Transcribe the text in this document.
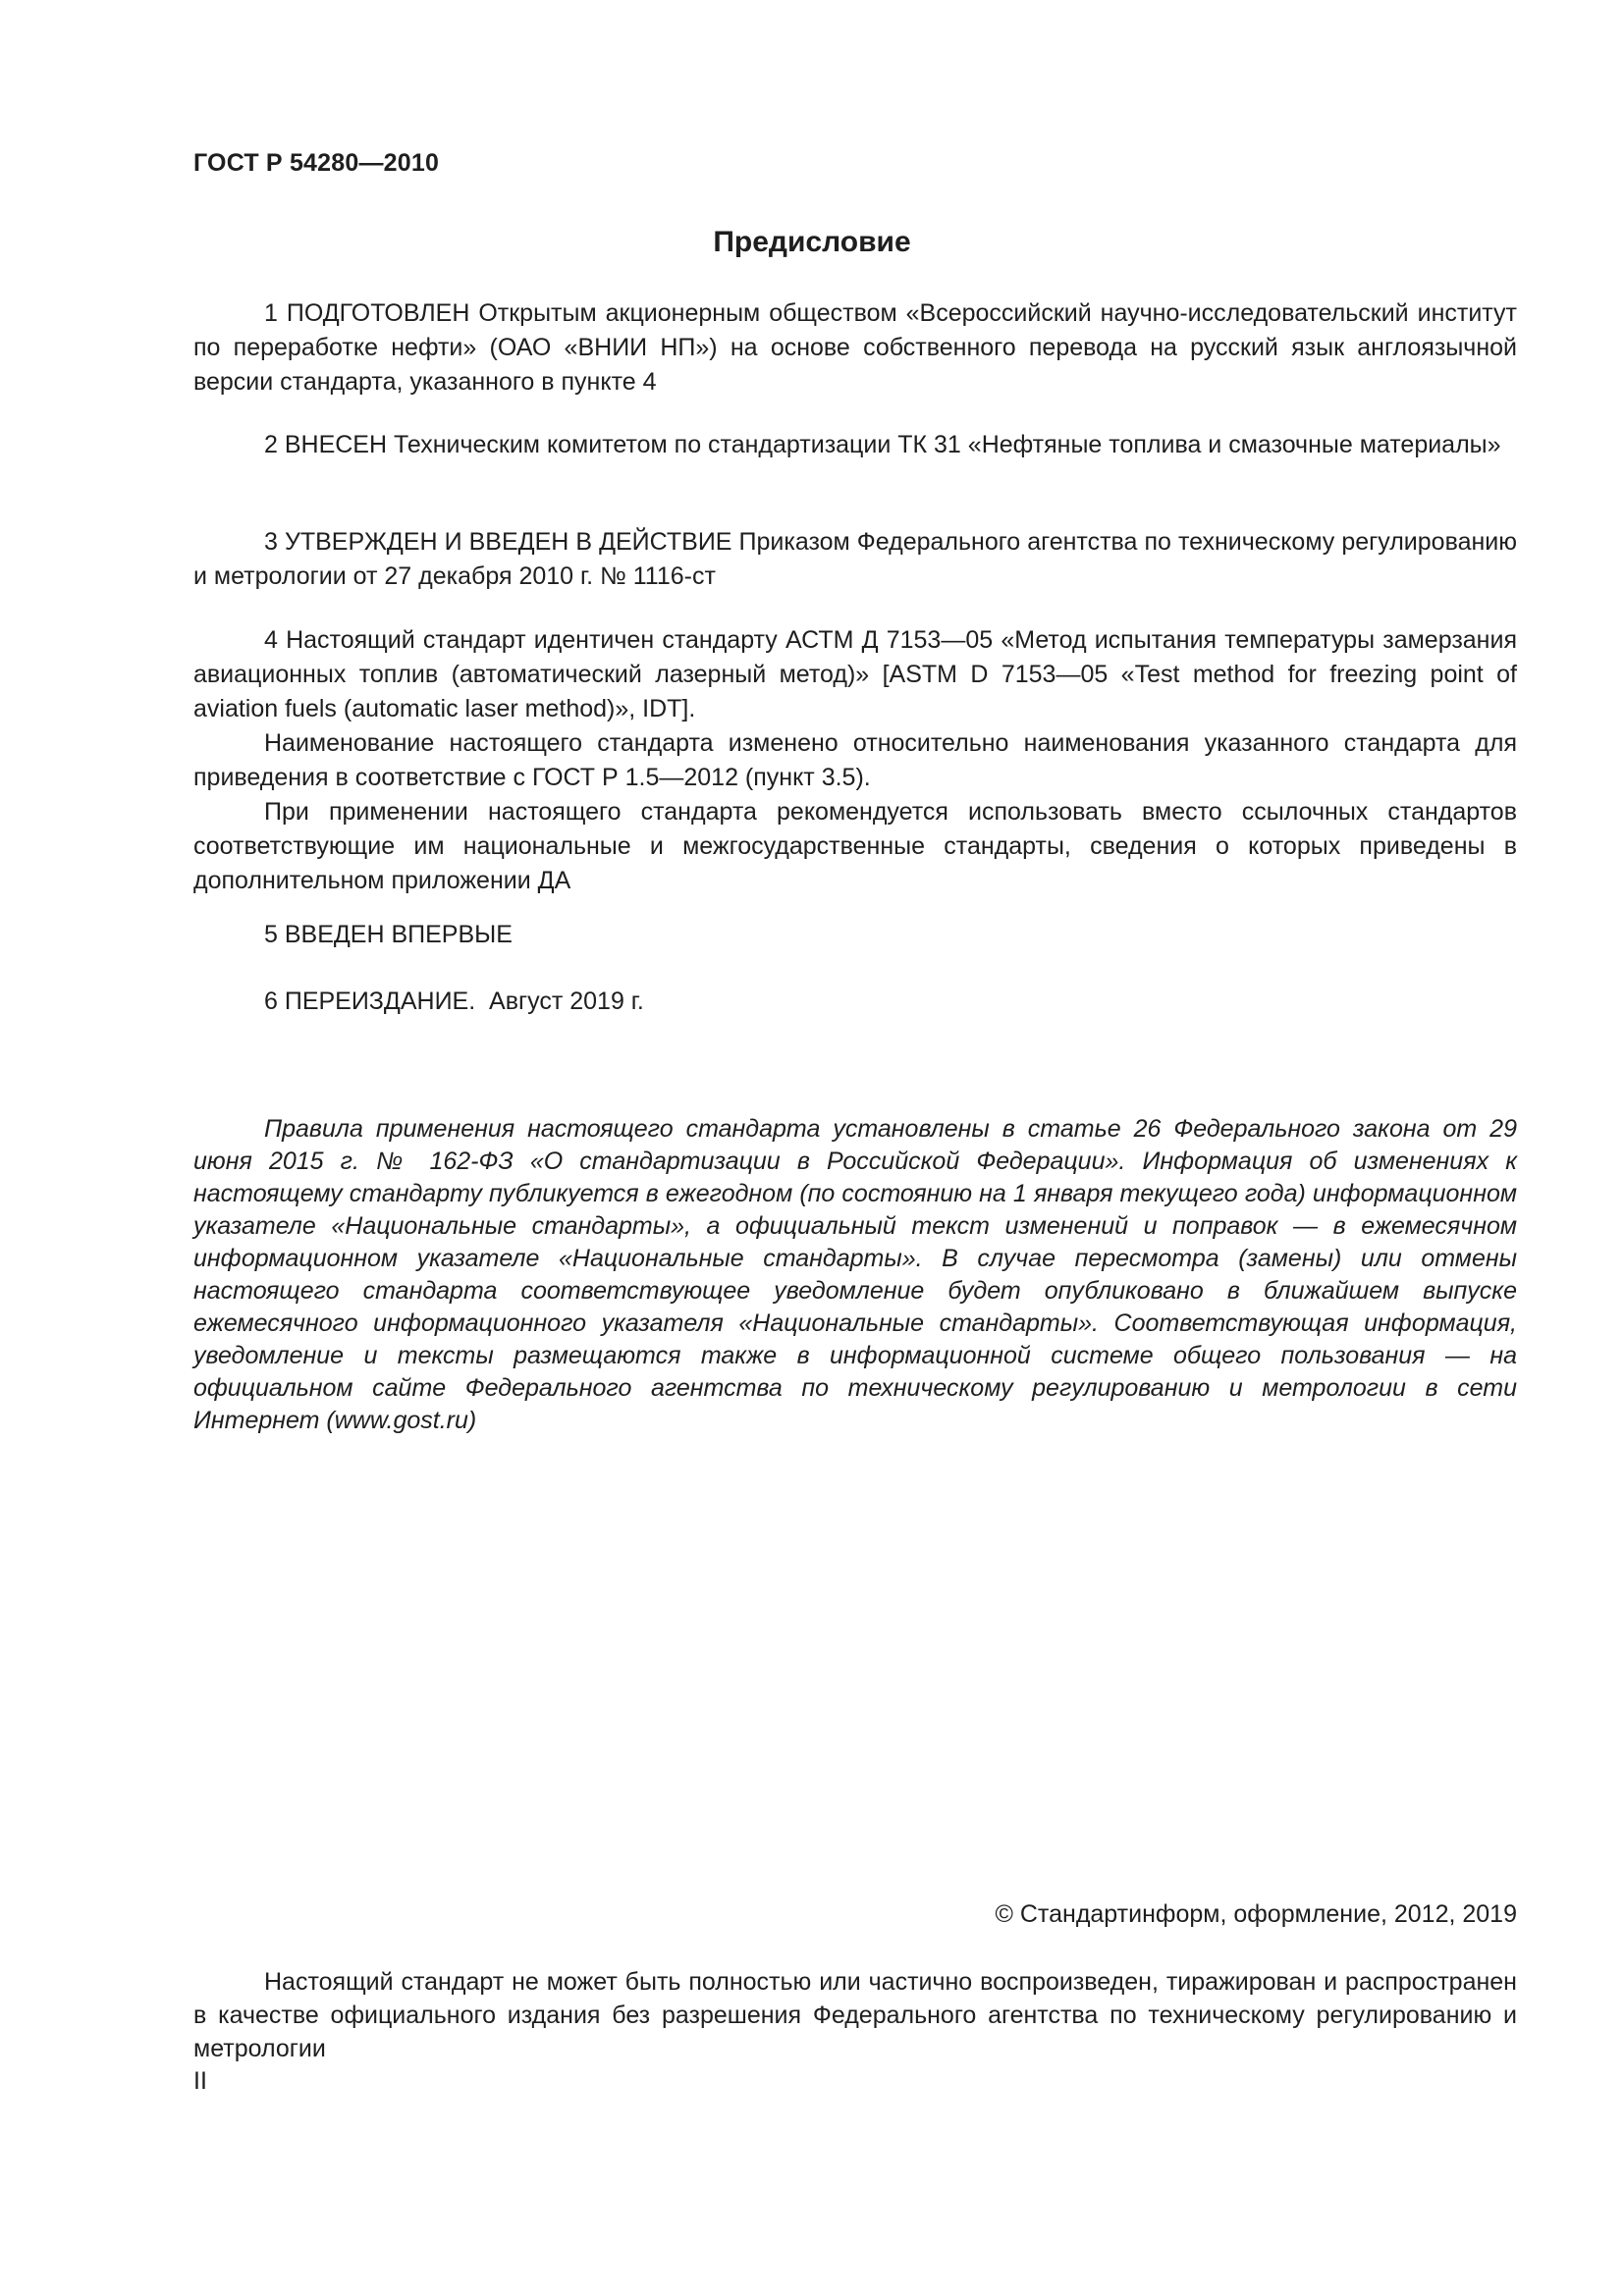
ГОСТ Р 54280—2010
Предисловие

1 ПОДГОТОВЛЕН Открытым акционерным обществом «Всероссийский научно-исследовательский институт по переработке нефти» (ОАО «ВНИИ НП») на основе собственного перевода на русский язык англоязычной версии стандарта, указанного в пункте 4

2 ВНЕСЕН Техническим комитетом по стандартизации ТК 31 «Нефтяные топлива и смазочные материалы»

3 УТВЕРЖДЕН И ВВЕДЕН В ДЕЙСТВИЕ Приказом Федерального агентства по техническому регулированию и метрологии от 27 декабря 2010 г. № 1116-ст

4 Настоящий стандарт идентичен стандарту АСТМ Д 7153—05 «Метод испытания температуры замерзания авиационных топлив (автоматический лазерный метод)» [ASTM D 7153—05 «Test method for freezing point of aviation fuels (automatic laser method)», IDT].

Наименование настоящего стандарта изменено относительно наименования указанного стандарта для приведения в соответствие с ГОСТ Р 1.5—2012 (пункт 3.5).

При применении настоящего стандарта рекомендуется использовать вместо ссылочных стандартов соответствующие им национальные и межгосударственные стандарты, сведения о которых приведены в дополнительном приложении ДА

5 ВВЕДЕН ВПЕРВЫЕ

6 ПЕРЕИЗДАНИЕ.  Август 2019 г.

Правила применения настоящего стандарта установлены в статье 26 Федерального закона от 29 июня 2015 г. № 162-ФЗ «О стандартизации в Российской Федерации». Информация об изменениях к настоящему стандарту публикуется в ежегодном (по состоянию на 1 января текущего года) информационном указателе «Национальные стандарты», а официальный текст изменений и поправок — в ежемесячном информационном указателе «Национальные стандарты». В случае пересмотра (замены) или отмены настоящего стандарта соответствующее уведомление будет опубликовано в ближайшем выпуске ежемесячного информационного указателя «Национальные стандарты». Соответствующая информация, уведомление и тексты размещаются также в информационной системе общего пользования — на официальном сайте Федерального агентства по техническому регулированию и метрологии в сети Интернет (www.gost.ru)

© Стандартинформ, оформление, 2012, 2019

Настоящий стандарт не может быть полностью или частично воспроизведен, тиражирован и распространен в качестве официального издания без разрешения Федерального агентства по техническому регулированию и метрологии

II
